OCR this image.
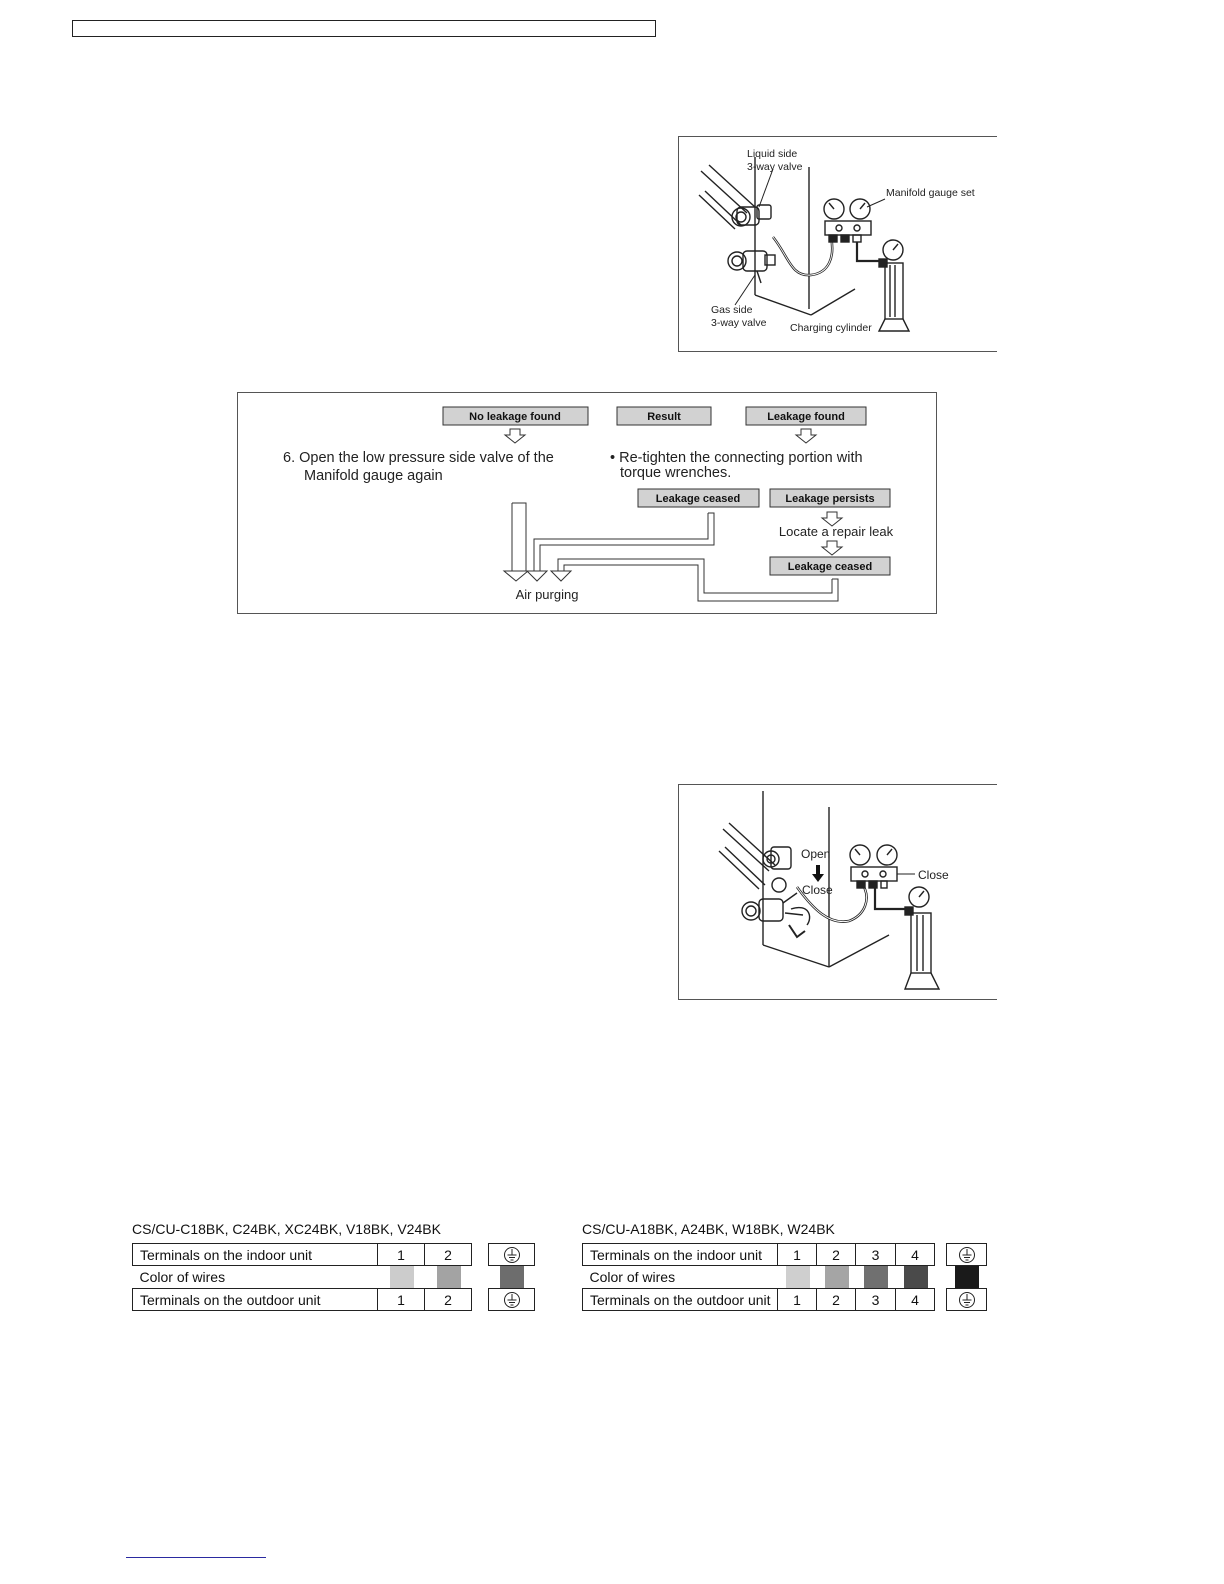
Liquid side
3-way valve
Manifold gauge set
Gas side
3-way valve Charging cylinder
No leakage found	Result	Leakage found
6. Open the low pressure side valve of the
Manifold gauge again
• Re-tighten the connecting portion with
torque wrenches.
Leakage ceased	Leakage persists
Locate a repair leak
Leakage ceased
Air purging
Open
Close
Close
CS/CU-C18BK, C24BK, XC24BK, V18BK, V24BK
Terminals on the indoor unit	1	2		

Color of wires	

Terminals on the outdoor unit	1	2		
CS/CU-A18BK, A24BK, W18BK, W24BK
Terminals on the indoor unit	1	2	3	4		

Color of wires	

Terminals on the outdoor unit	1	2	3	4		
